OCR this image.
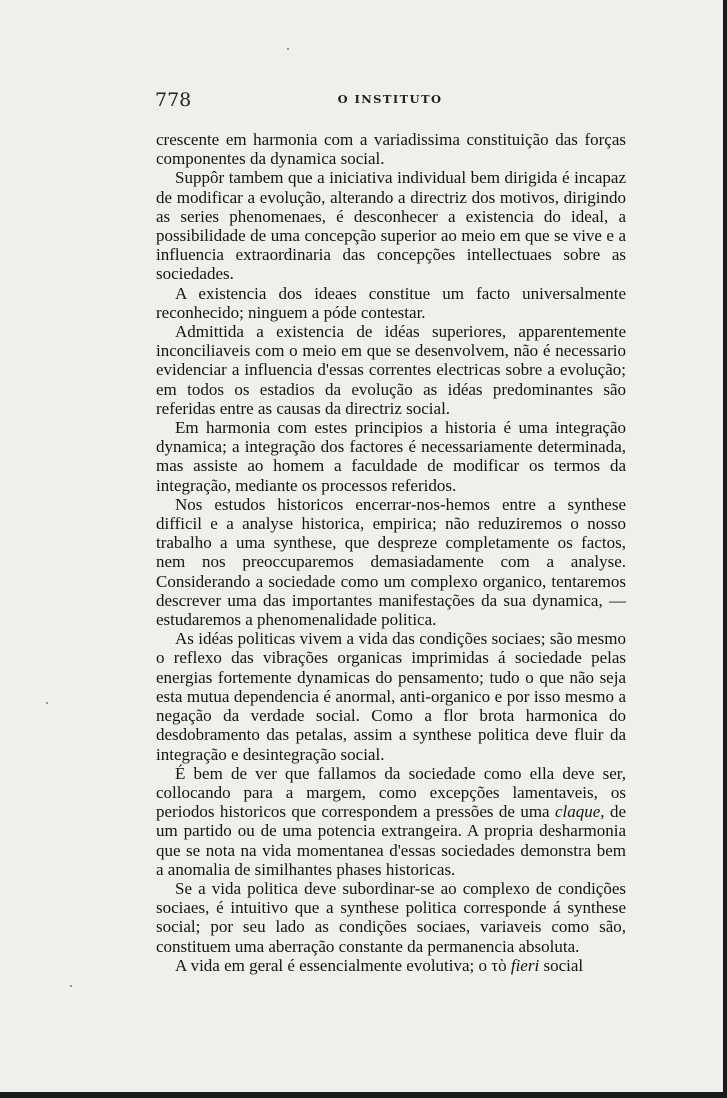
778	O INSTITUTO

crescente em harmonia com a variadissima constituição das forças componentes da dynamica social.

Suppôr tambem que a iniciativa individual bem dirigida é incapaz de modificar a evolução, alterando a directriz dos motivos, dirigindo as series phenomenaes, é desconhecer a existencia do ideal, a possibilidade de uma concepção superior ao meio em que se vive e a influencia extraordinaria das concepções intellectuaes sobre as sociedades.

A existencia dos ideaes constitue um facto universalmente reconhecido; ninguem a póde contestar.

Admittida a existencia de idéas superiores, apparentemente inconciliaveis com o meio em que se desenvolvem, não é necessario evidenciar a influencia d'essas correntes electricas sobre a evolução; em todos os estadios da evolução as idéas predominantes são referidas entre as causas da directriz social.

Em harmonia com estes principios a historia é uma integração dynamica; a integração dos factores é necessariamente determinada, mas assiste ao homem a faculdade de modificar os termos da integração, mediante os processos referidos.

Nos estudos historicos encerrar-nos-hemos entre a synthese difficil e a analyse historica, empirica; não reduziremos o nosso trabalho a uma synthese, que despreze completamente os factos, nem nos preoccuparemos demasiadamente com a analyse. Considerando a sociedade como um complexo organico, tentaremos descrever uma das importantes manifestações da sua dynamica, —estudaremos a phenomenalidade politica.

As idéas politicas vivem a vida das condições sociaes; são mesmo o reflexo das vibrações organicas imprimidas á sociedade pelas energias fortemente dynamicas do pensamento; tudo o que não seja esta mutua dependencia é anormal, anti-organico e por isso mesmo a negação da verdade social. Como a flor brota harmonica do desdobramento das petalas, assim a synthese politica deve fluir da integração e desintegração social.

É bem de ver que fallamos da sociedade como ella deve ser, collocando para a margem, como excepções lamentaveis, os periodos historicos que correspondem a pressões de uma claque, de um partido ou de uma potencia extrangeira. A propria desharmonia que se nota na vida momentanea d'essas sociedades demonstra bem a anomalia de similhantes phases historicas.

Se a vida politica deve subordinar-se ao complexo de condições sociaes, é intuitivo que a synthese politica corresponde á synthese social; por seu lado as condições sociaes, variaveis como são, constituem uma aberração constante da permanencia absoluta.

A vida em geral é essencialmente evolutiva; o τὸ fieri social
